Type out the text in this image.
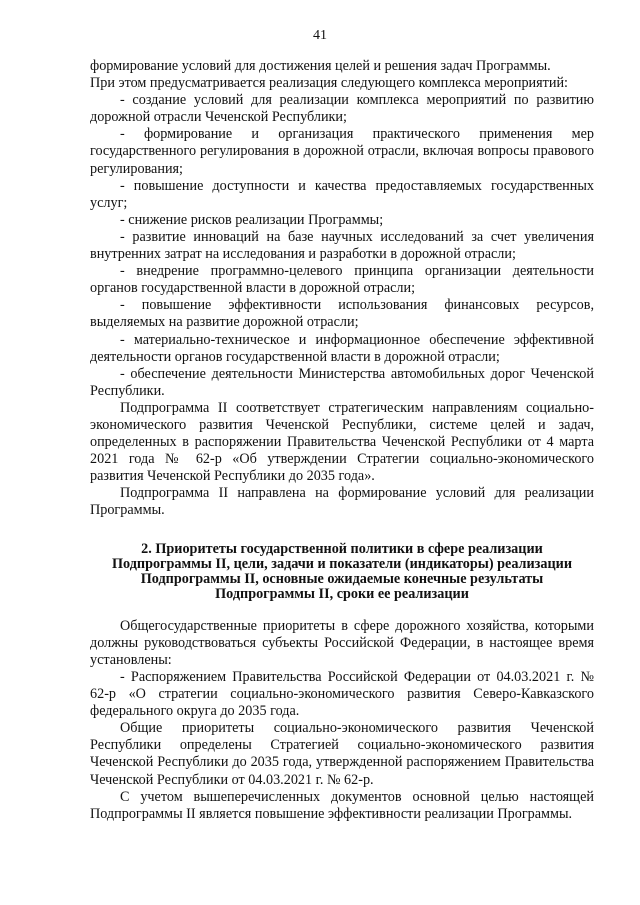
41

формирование условий для достижения целей и решения задач Программы.

При этом предусматривается реализация следующего комплекса мероприятий:

- создание условий для реализации комплекса мероприятий по развитию дорожной отрасли Чеченской Республики;

- формирование и организация практического применения мер государственного регулирования в дорожной отрасли, включая вопросы правового регулирования;

- повышение доступности и качества предоставляемых государственных услуг;

- снижение рисков реализации Программы;

- развитие инноваций на базе научных исследований за счет увеличения внутренних затрат на исследования и разработки в дорожной отрасли;

- внедрение программно-целевого принципа организации деятельности органов государственной власти в дорожной отрасли;

- повышение эффективности использования финансовых ресурсов, выделяемых на развитие дорожной отрасли;

- материально-техническое и информационное обеспечение эффективной деятельности органов государственной власти в дорожной отрасли;

- обеспечение деятельности Министерства автомобильных дорог Чеченской Республики.

Подпрограмма II соответствует стратегическим направлениям социально-экономического развития Чеченской Республики, системе целей и задач, определенных в распоряжении Правительства Чеченской Республики от 4 марта 2021 года № 62-р «Об утверждении Стратегии социально-экономического развития Чеченской Республики до 2035 года».

Подпрограмма II направлена на формирование условий для реализации Программы.

2. Приоритеты государственной политики в сфере реализации
Подпрограммы II, цели, задачи и показатели (индикаторы) реализации
Подпрограммы II, основные ожидаемые конечные результаты
Подпрограммы II, сроки ее реализации

Общегосударственные приоритеты в сфере дорожного хозяйства, которыми должны руководствоваться субъекты Российской Федерации, в настоящее время установлены:

- Распоряжением Правительства Российской Федерации от 04.03.2021 г. № 62-р «О стратегии социально-экономического развития Северо-Кавказского федерального округа до 2035 года.

Общие приоритеты социально-экономического развития Чеченской Республики определены Стратегией социально-экономического развития Чеченской Республики до 2035 года, утвержденной распоряжением Правительства Чеченской Республики от 04.03.2021 г. № 62-р.

С учетом вышеперечисленных документов основной целью настоящей Подпрограммы II является повышение эффективности реализации Программы.
